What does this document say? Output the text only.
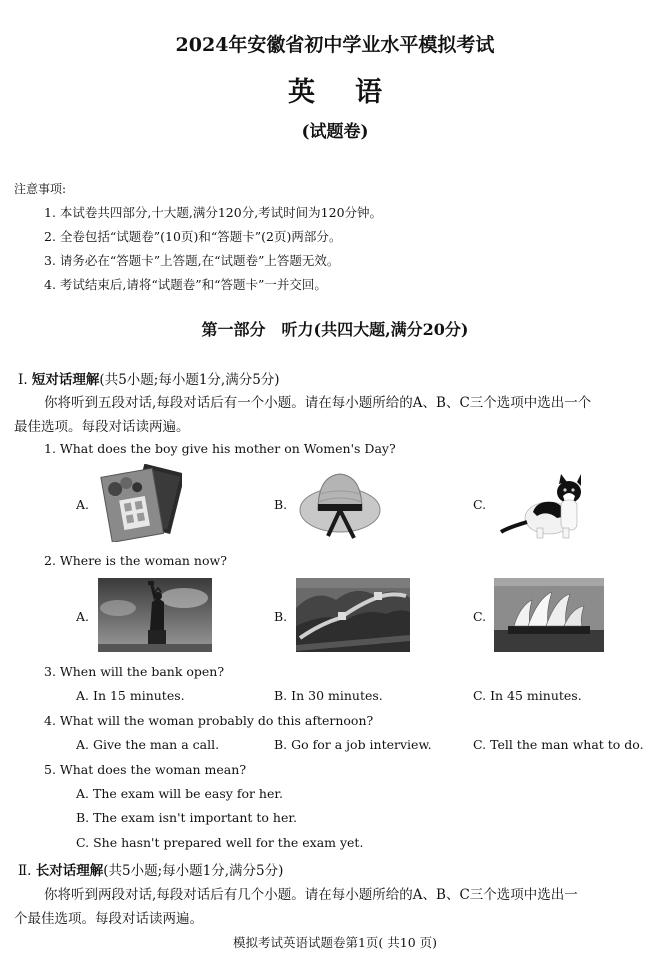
2024年安徽省初中学业水平模拟考试
英语
(试题卷)
注意事项:
1. 本试卷共四部分,十大题,满分120分,考试时间为120分钟。
2. 全卷包括“试题卷”(10页)和“答题卡”(2页)两部分。
3. 请务必在“答题卡”上答题,在“试题卷”上答题无效。
4. 考试结束后,请将“试题卷”和“答题卡”一并交回。
第一部分　听力(共四大题,满分20分)
Ⅰ. 短对话理解(共5小题;每小题1分,满分5分)
你将听到五段对话,每段对话后有一个小题。请在每小题所给的A、B、C三个选项中选出一个
最佳选项。每段对话读两遍。
1. What does the boy give his mother on Women's Day?
A.	B.	C.
2. Where is the woman now?
A.	B.	C.
3. When will the bank open?
A. In 15 minutes.	B. In 30 minutes.	C. In 45 minutes.
4. What will the woman probably do this afternoon?
A. Give the man a call.	B. Go for a job interview.	C. Tell the man what to do.
5. What does the woman mean?
A. The exam will be easy for her.
B. The exam isn't important to her.
C. She hasn't prepared well for the exam yet.
Ⅱ. 长对话理解(共5小题;每小题1分,满分5分)
你将听到两段对话,每段对话后有几个小题。请在每小题所给的A、B、C三个选项中选出一
个最佳选项。每段对话读两遍。
模拟考试英语试题卷第1页( 共10 页)
